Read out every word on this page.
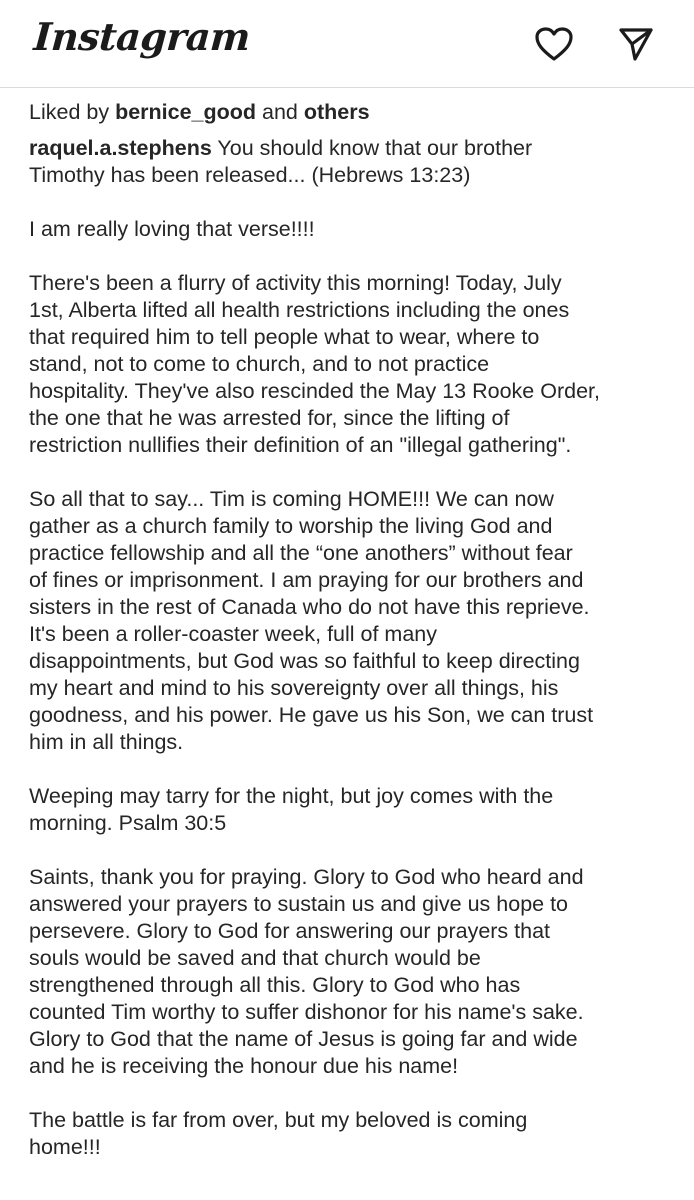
Instagram
Liked by bernice_good and others

raquel.a.stephens You should know that our brother
Timothy has been released... (Hebrews 13:23)

I am really loving that verse!!!!

There's been a flurry of activity this morning! Today, July
1st, Alberta lifted all health restrictions including the ones
that required him to tell people what to wear, where to
stand, not to come to church, and to not practice
hospitality. They've also rescinded the May 13 Rooke Order,
the one that he was arrested for, since the lifting of
restriction nullifies their definition of an "illegal gathering".

So all that to say... Tim is coming HOME!!! We can now
gather as a church family to worship the living God and
practice fellowship and all the “one anothers” without fear
of fines or imprisonment. I am praying for our brothers and
sisters in the rest of Canada who do not have this reprieve.
It's been a roller-coaster week, full of many
disappointments, but God was so faithful to keep directing
my heart and mind to his sovereignty over all things, his
goodness, and his power. He gave us his Son, we can trust
him in all things.

Weeping may tarry for the night, but joy comes with the
morning. Psalm 30:5

Saints, thank you for praying. Glory to God who heard and
answered your prayers to sustain us and give us hope to
persevere. Glory to God for answering our prayers that
souls would be saved and that church would be
strengthened through all this. Glory to God who has
counted Tim worthy to suffer dishonor for his name's sake.
Glory to God that the name of Jesus is going far and wide
and he is receiving the honour due his name!

The battle is far from over, but my beloved is coming
home!!!
